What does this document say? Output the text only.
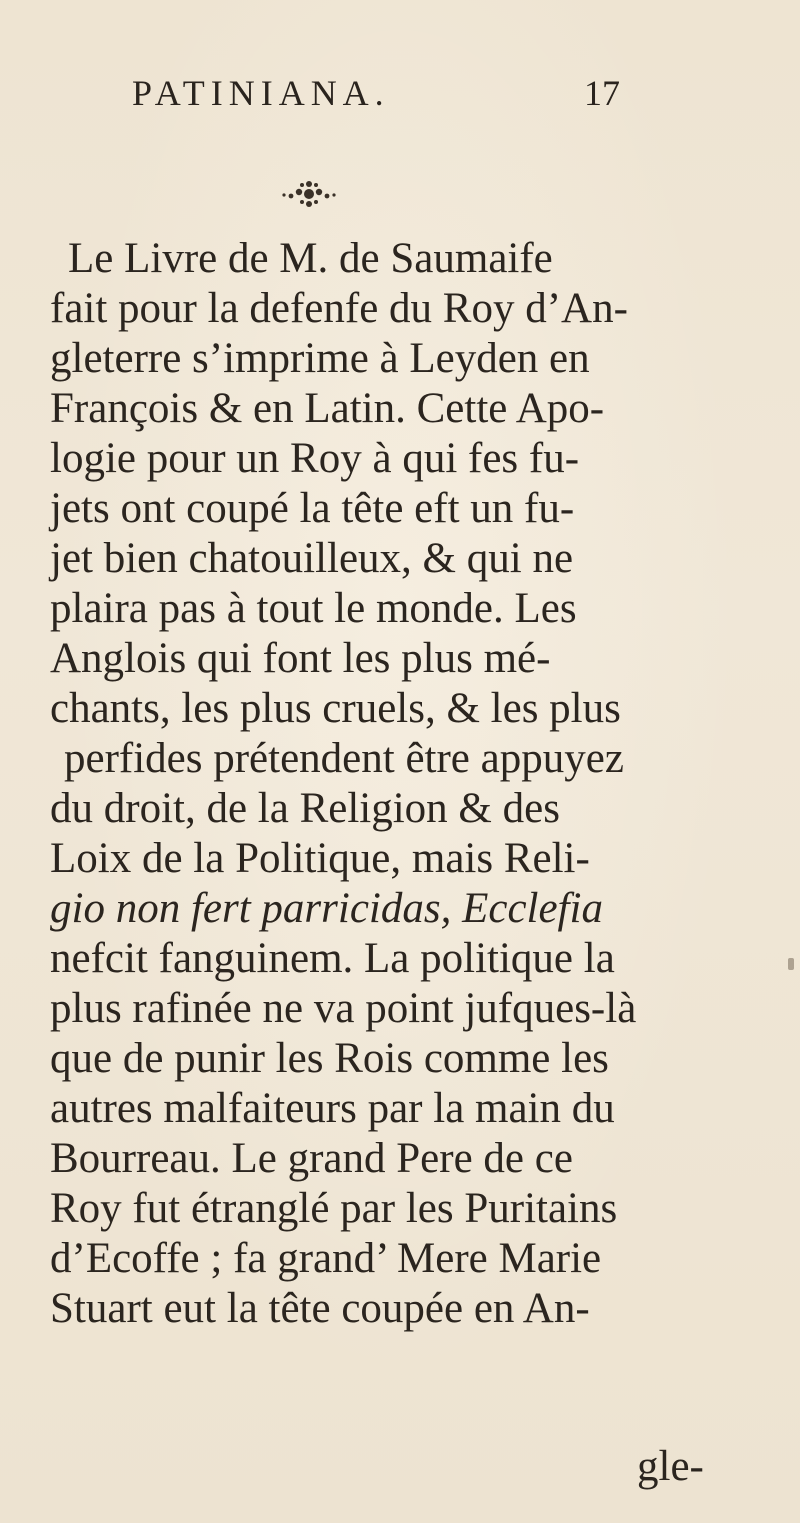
PATINIANA.	17
Le Livre de M. de Saumaife
fait pour la defenfe du Roy d’An-
gleterre s’imprime à Leyden en
François & en Latin. Cette Apo-
logie pour un Roy à qui fes fu-
jets ont coupé la tête eft un fu-
jet bien chatouilleux, & qui ne
plaira pas à tout le monde. Les
Anglois qui font les plus mé-
chants, les plus cruels, & les plus
perfides prétendent être appuyez
du droit, de la Religion & des
Loix de la Politique, mais Reli-
gio non fert parricidas, Ecclefia
nefcit fanguinem. La politique la
plus rafinée ne va point jufques-là
que de punir les Rois comme les
autres malfaiteurs par la main du
Bourreau. Le grand Pere de ce
Roy fut étranglé par les Puritains
d’Ecoffe ; fa grand’ Mere Marie
Stuart eut la tête coupée en An-
gle-
